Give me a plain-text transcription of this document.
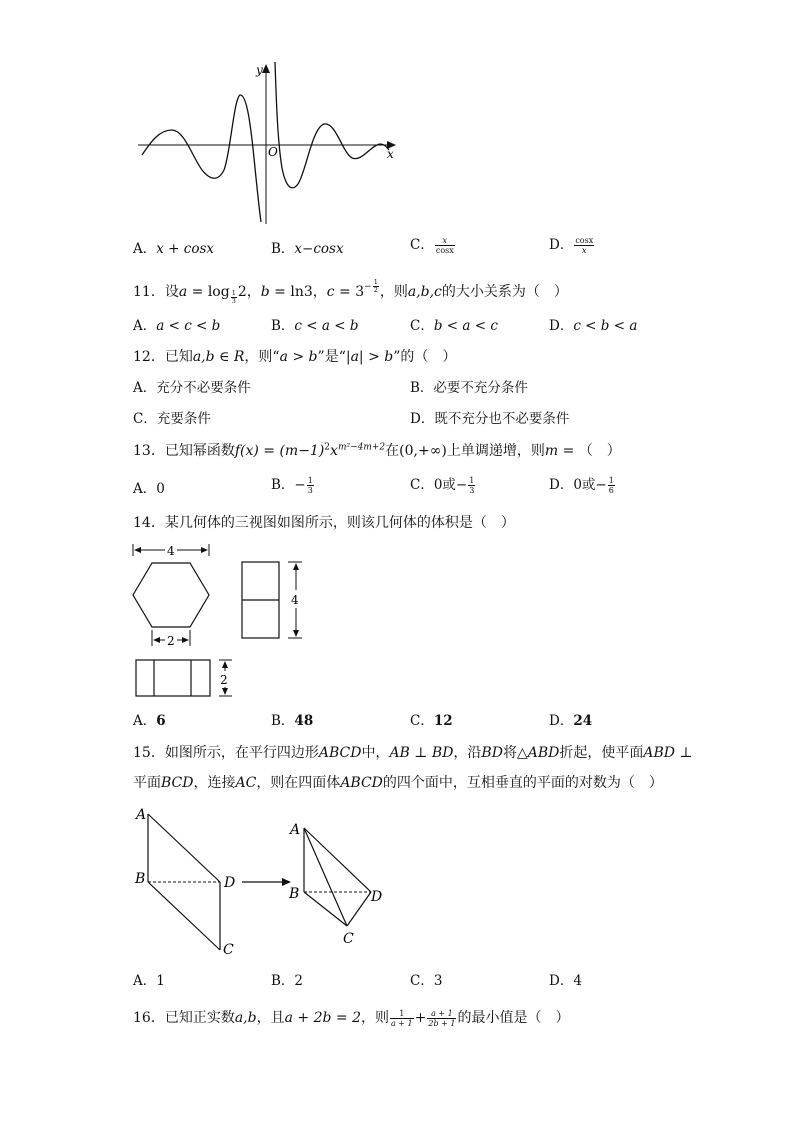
y
x
O
A．x + cosx	B．x−cosx	C． $\frac{x}{\cos x}$	D． $\frac{\cos x}{x}$
11．设$a = \log \frac{1}{3} 2$，b = ln3，$c = 3^{- \frac{1}{2}}$ ，则a,b,c的大小关系为（　）
A．a < c < b	B．c < a < b	C．b < a < c	D．c < b < a
12．已知a,b ∈ R，则“a > b”是“|a| > b”的（　）
A．充分不必要条件	B．必要不充分条件
C．充要条件	D．既不充分也不必要条件
13．已知幂函数$f(x) = (m-1)^2x^{m^2-4m+2}$在(0,+∞)上单调递增，则m = （　）
A．0	B．− $\frac{1}{3}$	C．0或− $\frac{1}{3}$	D．0或− $\frac{1}{6}$
14．某几何体的三视图如图所示，则该几何体的体积是（　）
4
2
4
2
A．6	B．48	C．12	D．24
15．如图所示，在平行四边形ABCD中，AB ⊥ BD，沿BD将△ABD折起，使平面ABD ⊥
平面BCD，连接AC，则在四面体ABCD的四个面中，互相垂直的平面的对数为（　）
A
B	D
C
A
B	D
C
A．1	B．2	C．3	D．4
16．已知正实数a,b，且a + 2b = 2，则 $\frac{1}{a + 1} + \frac{a + 1}{2b + 1}$ 的最小值是（　）
